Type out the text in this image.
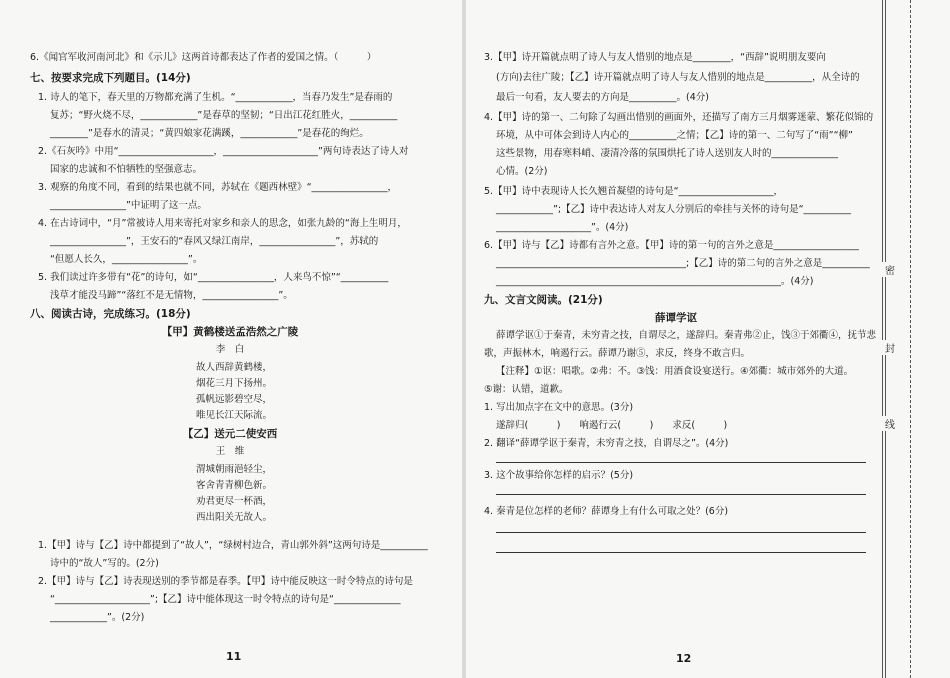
6.《闻官军收河南河北》和《示儿》这两首诗都表达了作者的爱国之情。（　　　）
七、按要求完成下列题目。(14分)
1. 诗人的笔下，春天里的万物都充满了生机。“____________，当春乃发生”是春雨的
复苏；“野火烧不尽，____________”是春草的坚韧；“日出江花红胜火，__________
________”是春水的清灵；“黄四娘家花满蹊，____________”是春花的绚烂。
2.《石灰吟》中用“____________________，____________________”两句诗表达了诗人对
国家的忠诚和不怕牺牲的坚强意志。
3. 观察的角度不同，看到的结果也就不同，苏轼在《题西林壁》“________________，
________________”中证明了这一点。
4. 在古诗词中，“月”常被诗人用来寄托对家乡和亲人的思念，如张九龄的“海上生明月，
________________”，王安石的“春风又绿江南岸，________________”，苏轼的
“但愿人长久，________________”。
5. 我们读过许多带有“花”的诗句，如“________________，人来鸟不惊”“__________
浅草才能没马蹄”“落红不是无情物，________________”。
八、阅读古诗，完成练习。(18分)
【甲】黄鹤楼送孟浩然之广陵
李　白
故人西辞黄鹤楼，
烟花三月下扬州。
孤帆远影碧空尽，
唯见长江天际流。
【乙】送元二使安西
王　维
渭城朝雨浥轻尘，
客舍青青柳色新。
劝君更尽一杯酒，
西出阳关无故人。
1.【甲】诗与【乙】诗中都提到了“故人”，“绿树村边合，青山郭外斜”这两句诗是__________
诗中的“故人”写的。(2分)
2.【甲】诗与【乙】诗表现送别的季节都是春季。【甲】诗中能反映这一时令特点的诗句是
“____________________”;【乙】诗中能体现这一时令特点的诗句是“______________
____________”。(2分)
11
3.【甲】诗开篇就点明了诗人与友人惜别的地点是________，“西辞”说明朋友要向
(方向)去往广陵；【乙】诗开篇就点明了诗人与友人惜别的地点是__________，从全诗的
最后一句看，友人要去的方向是__________。(4分)
4.【甲】诗的第一、二句除了勾画出惜别的画面外，还描写了南方三月烟雾迷蒙、繁花似锦的
环境，从中可体会到诗人内心的__________之情；【乙】诗的第一、二句写了“雨”“柳”
这些景物，用春寒料峭、凄清冷落的氛围烘托了诗人送别友人时的______________
心情。(2分)
5.【甲】诗中表现诗人长久翘首凝望的诗句是“____________________，
____________”;【乙】诗中表达诗人对友人分别后的牵挂与关怀的诗句是“__________
____________________”。(4分)
6.【甲】诗与【乙】诗都有言外之意。【甲】诗的第一句的言外之意是__________________
________________________________________;【乙】诗的第二句的言外之意是__________
____________________________________________________________。(4分)
九、文言文阅读。(21分)
薛谭学讴
薛谭学讴①于秦青，未穷青之技，自谓尽之，遂辞归。秦青弗②止，饯③于郊衢④，抚节悲
歌，声振林木，响遏行云。薛谭乃谢⑤，求反，终身不敢言归。
【注释】①讴：唱歌。②弗：不。③饯：用酒食设宴送行。④郊衢：城市郊外的大道。
⑤谢：认错，道歉。
1. 写出加点字在文中的意思。(3分)
遂辞归(　　　)　　响遏行云(　　　)　　求反(　　　)
2. 翻译“薛谭学讴于秦青，未穷青之技，自谓尽之”。(4分)
3. 这个故事给你怎样的启示？(5分)
4. 秦青是位怎样的老师？薛谭身上有什么可取之处？(6分)
12
密
封
线
